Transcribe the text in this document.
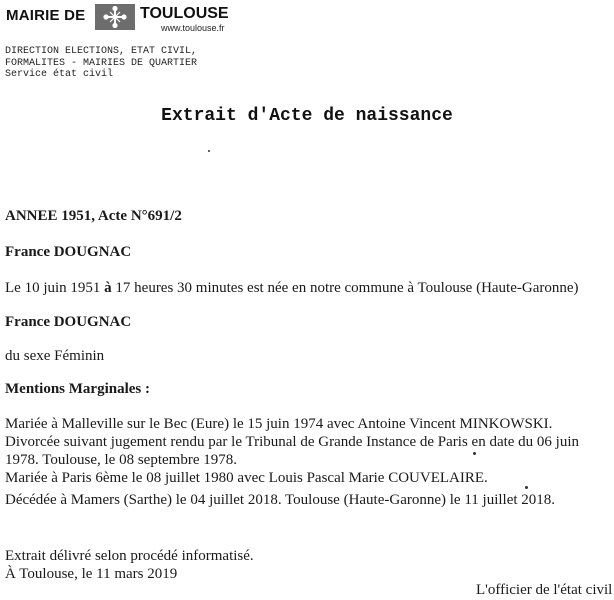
MAIRIE DE	TOULOUSE
www.toulouse.fr
DIRECTION ELECTIONS, ETAT CIVIL,
FORMALITES - MAIRIES DE QUARTIER
Service état civil
Extrait d'Acte de naissance
ANNEE 1951, Acte N°691/2
France DOUGNAC
Le 10 juin 1951 à 17 heures 30 minutes est née en notre commune à Toulouse (Haute-Garonne)
France DOUGNAC
du sexe Féminin
Mentions Marginales :
Mariée à Malleville sur le Bec (Eure) le 15 juin 1974 avec Antoine Vincent MINKOWSKI.
Divorcée suivant jugement rendu par le Tribunal de Grande Instance de Paris en date du 06 juin
1978. Toulouse, le 08 septembre 1978.
Mariée à Paris 6ème le 08 juillet 1980 avec Louis Pascal Marie COUVELAIRE.
Décédée à Mamers (Sarthe) le 04 juillet 2018. Toulouse (Haute-Garonne) le 11 juillet 2018.
Extrait délivré selon procédé informatisé.
À Toulouse, le 11 mars 2019
L'officier de l'état civil
